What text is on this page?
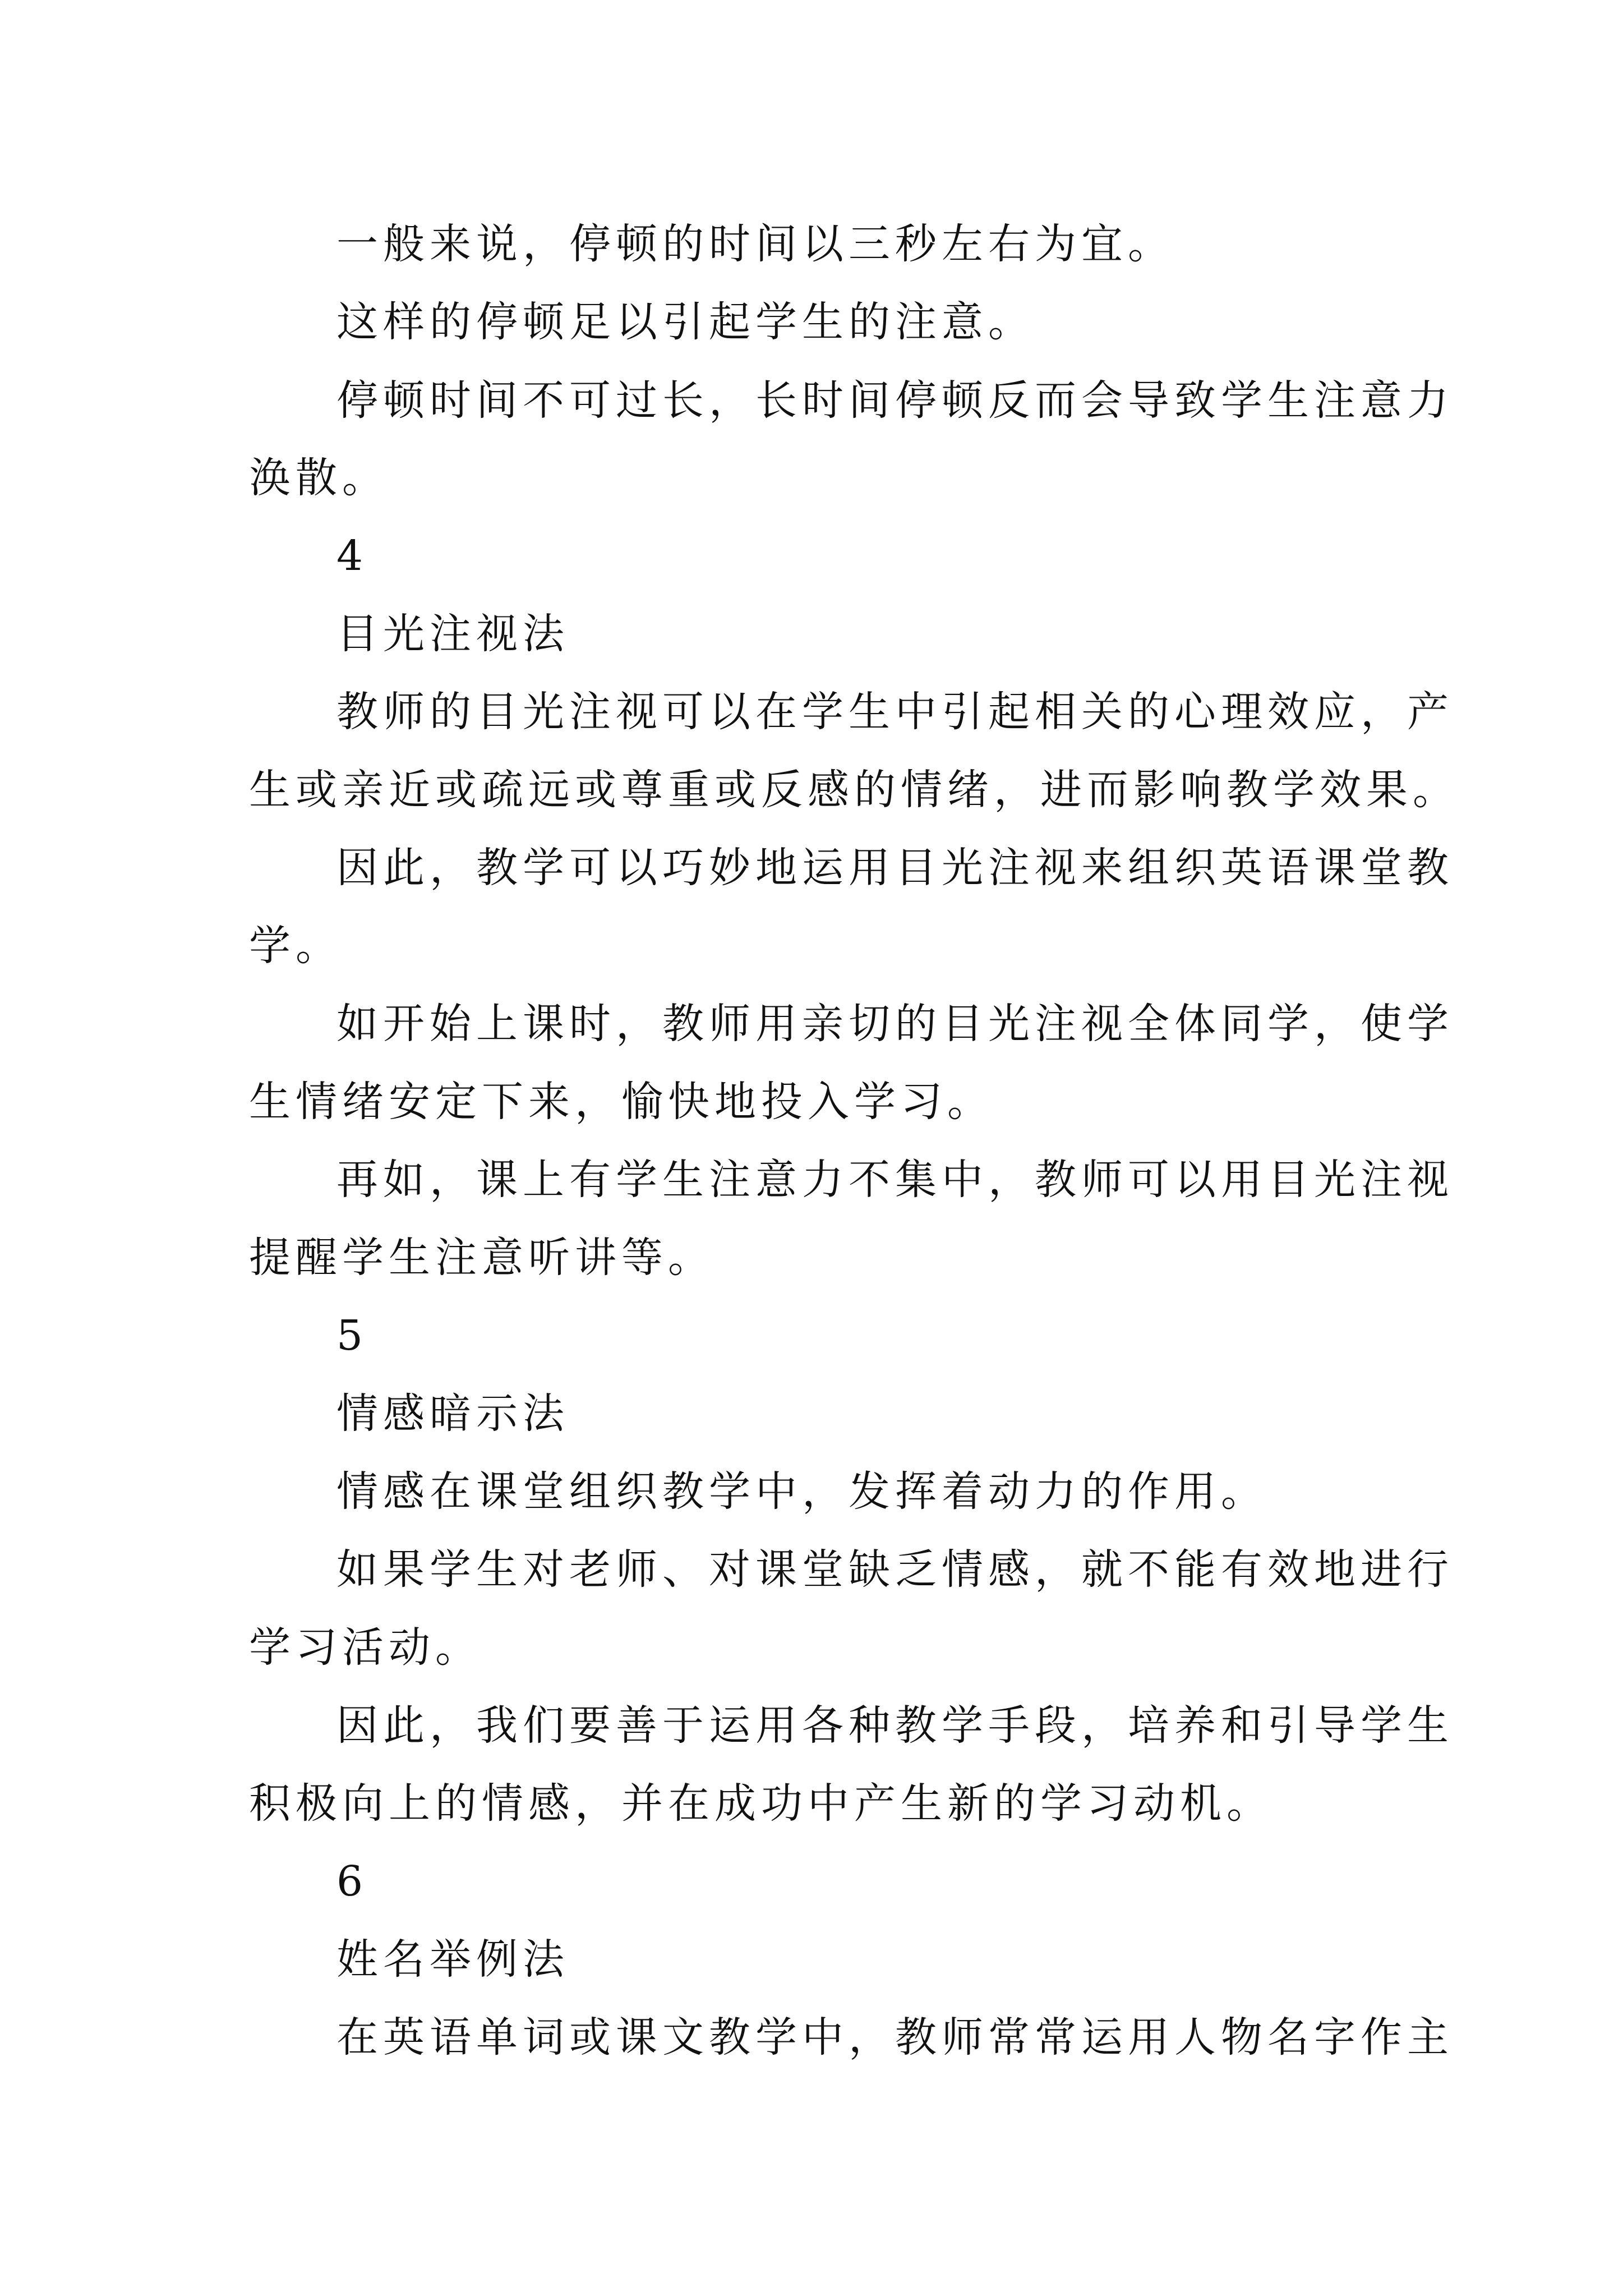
一般来说，停顿的时间以三秒左右为宜。
这样的停顿足以引起学生的注意。
停顿时间不可过长，长时间停顿反而会导致学生注意力
涣散。
4
目光注视法
教师的目光注视可以在学生中引起相关的心理效应，产
生或亲近或疏远或尊重或反感的情绪，进而影响教学效果。
因此，教学可以巧妙地运用目光注视来组织英语课堂教
学。
如开始上课时，教师用亲切的目光注视全体同学，使学
生情绪安定下来，愉快地投入学习。
再如，课上有学生注意力不集中，教师可以用目光注视
提醒学生注意听讲等。
5
情感暗示法
情感在课堂组织教学中，发挥着动力的作用。
如果学生对老师、对课堂缺乏情感，就不能有效地进行
学习活动。
因此，我们要善于运用各种教学手段，培养和引导学生
积极向上的情感，并在成功中产生新的学习动机。
6
姓名举例法
在英语单词或课文教学中，教师常常运用人物名字作主
